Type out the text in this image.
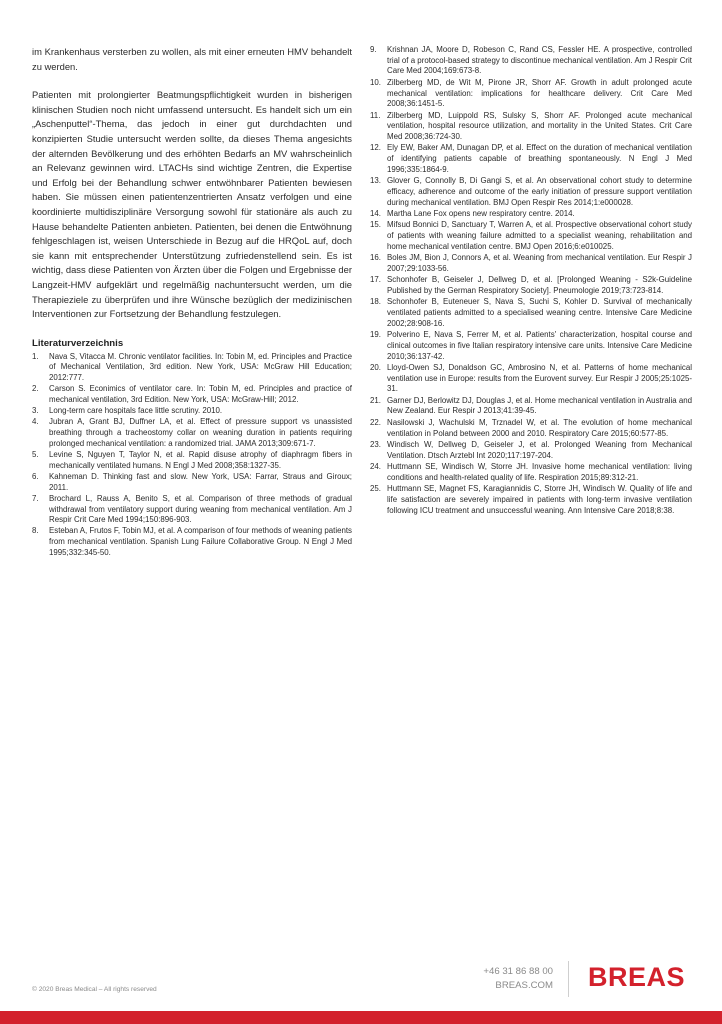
im Krankenhaus versterben zu wollen, als mit einer erneuten HMV behandelt zu werden.

Patienten mit prolongierter Beatmungspflichtigkeit wurden in bisherigen klinischen Studien noch nicht umfassend untersucht. Es handelt sich um ein „Aschenputtel“-Thema, das jedoch in einer gut durchdachten und konzipierten Studie untersucht werden sollte, da dieses Thema angesichts der alternden Bevölkerung und des erhöhten Bedarfs an MV wahrscheinlich an Relevanz gewinnen wird. LTACHs sind wichtige Zentren, die Expertise und Erfolg bei der Behandlung schwer entwöhnbarer Patienten bewiesen haben. Sie müssen einen patientenzentrierten Ansatz verfolgen und eine koordinierte multidisziplinäre Versorgung sowohl für stationäre als auch zu Hause behandelte Patienten anbieten. Patienten, bei denen die Entwöhnung fehlgeschlagen ist, weisen Unterschiede in Bezug auf die HRQoL auf, doch sie kann mit entsprechender Unterstützung zufriedenstellend sein. Es ist wichtig, dass diese Patienten von Ärzten über die Folgen und Ergebnisse der Langzeit-HMV aufgeklärt und regelmäßig nachuntersucht werden, um die Therapieziele zu überprüfen und ihre Wünsche bezüglich der medizinischen Interventionen zur Fortsetzung der Behandlung festzulegen.

Literaturverzeichnis
1.	Nava S, Vitacca M. Chronic ventilator facilities. In: Tobin M, ed. Principles and Practice of Mechanical Ventilation, 3rd edition. New York, USA: McGraw Hill Education; 2012:777.
2.	Carson S. Econimics of ventilator care. In: Tobin M, ed. Principles and practice of mechanical ventilation, 3rd Edition. New York, USA: McGraw-Hill; 2012.
3.	Long-term care hospitals face little scrutiny. 2010.
4.	Jubran A, Grant BJ, Duffner LA, et al. Effect of pressure support vs unassisted breathing through a tracheostomy collar on weaning duration in patients requiring prolonged mechanical ventilation: a randomized trial. JAMA 2013;309:671-7.
5.	Levine S, Nguyen T, Taylor N, et al. Rapid disuse atrophy of diaphragm fibers in mechanically ventilated humans. N Engl J Med 2008;358:1327-35.
6.	Kahneman D. Thinking fast and slow. New York, USA: Farrar, Straus and Giroux; 2011.
7.	Brochard L, Rauss A, Benito S, et al. Comparison of three methods of gradual withdrawal from ventilatory support during weaning from mechanical ventilation. Am J Respir Crit Care Med 1994;150:896-903.
8.	Esteban A, Frutos F, Tobin MJ, et al. A comparison of four methods of weaning patients from mechanical ventilation. Spanish Lung Failure Collaborative Group. N Engl J Med 1995;332:345-50.
9.	Krishnan JA, Moore D, Robeson C, Rand CS, Fessler HE. A prospective, controlled trial of a protocol-based strategy to discontinue mechanical ventilation. Am J Respir Crit Care Med 2004;169:673-8.
10. Zilberberg MD, de Wit M, Pirone JR, Shorr AF. Growth in adult prolonged acute mechanical ventilation: implications for healthcare delivery. Crit Care Med 2008;36:1451-5.
11. Zilberberg MD, Luippold RS, Sulsky S, Shorr AF. Prolonged acute mechanical ventilation, hospital resource utilization, and mortality in the United States. Crit Care Med 2008;36:724-30.
12. Ely EW, Baker AM, Dunagan DP, et al. Effect on the duration of mechanical ventilation of identifying patients capable of breathing spontaneously. N Engl J Med 1996;335:1864-9.
13. Glover G, Connolly B, Di Gangi S, et al. An observational cohort study to determine efficacy, adherence and outcome of the early initiation of pressure support ventilation during mechanical ventilation. BMJ Open Respir Res 2014;1:e000028.
14. Martha Lane Fox opens new respiratory centre. 2014.
15. Mifsud Bonnici D, Sanctuary T, Warren A, et al. Prospective observational cohort study of patients with weaning failure admitted to a specialist weaning, rehabilitation and home mechanical ventilation centre. BMJ Open 2016;6:e010025.
16. Boles JM, Bion J, Connors A, et al. Weaning from mechanical ventilation. Eur Respir J 2007;29:1033-56.
17. Schonhofer B, Geiseler J, Dellweg D, et al. [Prolonged Weaning - S2k-Guideline Published by the German Respiratory Society]. Pneumologie 2019;73:723-814.
18. Schonhofer B, Euteneuer S, Nava S, Suchi S, Kohler D. Survival of mechanically ventilated patients admitted to a specialised weaning centre. Intensive Care Medicine 2002;28:908-16.
19. Polverino E, Nava S, Ferrer M, et al. Patients' characterization, hospital course and clinical outcomes in five Italian respiratory intensive care units. Intensive Care Medicine 2010;36:137-42.
20. Lloyd-Owen SJ, Donaldson GC, Ambrosino N, et al. Patterns of home mechanical ventilation use in Europe: results from the Eurovent survey. Eur Respir J 2005;25:1025-31.
21. Garner DJ, Berlowitz DJ, Douglas J, et al. Home mechanical ventilation in Australia and New Zealand. Eur Respir J 2013;41:39-45.
22. Nasilowski J, Wachulski M, Trznadel W, et al. The evolution of home mechanical ventilation in Poland between 2000 and 2010. Respiratory Care 2015;60:577-85.
23. Windisch W, Dellweg D, Geiseler J, et al. Prolonged Weaning from Mechanical Ventilation. Dtsch Arztebl Int 2020;117:197-204.
24. Huttmann SE, Windisch W, Storre JH. Invasive home mechanical ventilation: living conditions and health-related quality of life. Respiration 2015;89:312-21.
25. Huttmann SE, Magnet FS, Karagiannidis C, Storre JH, Windisch W. Quality of life and life satisfaction are severely impaired in patients with long-term invasive ventilation following ICU treatment and unsuccessful weaning. Ann Intensive Care 2018;8:38.
© 2020 Breas Medical – All rights reserved
+46 31 86 88 00
BREAS.COM BREAS
